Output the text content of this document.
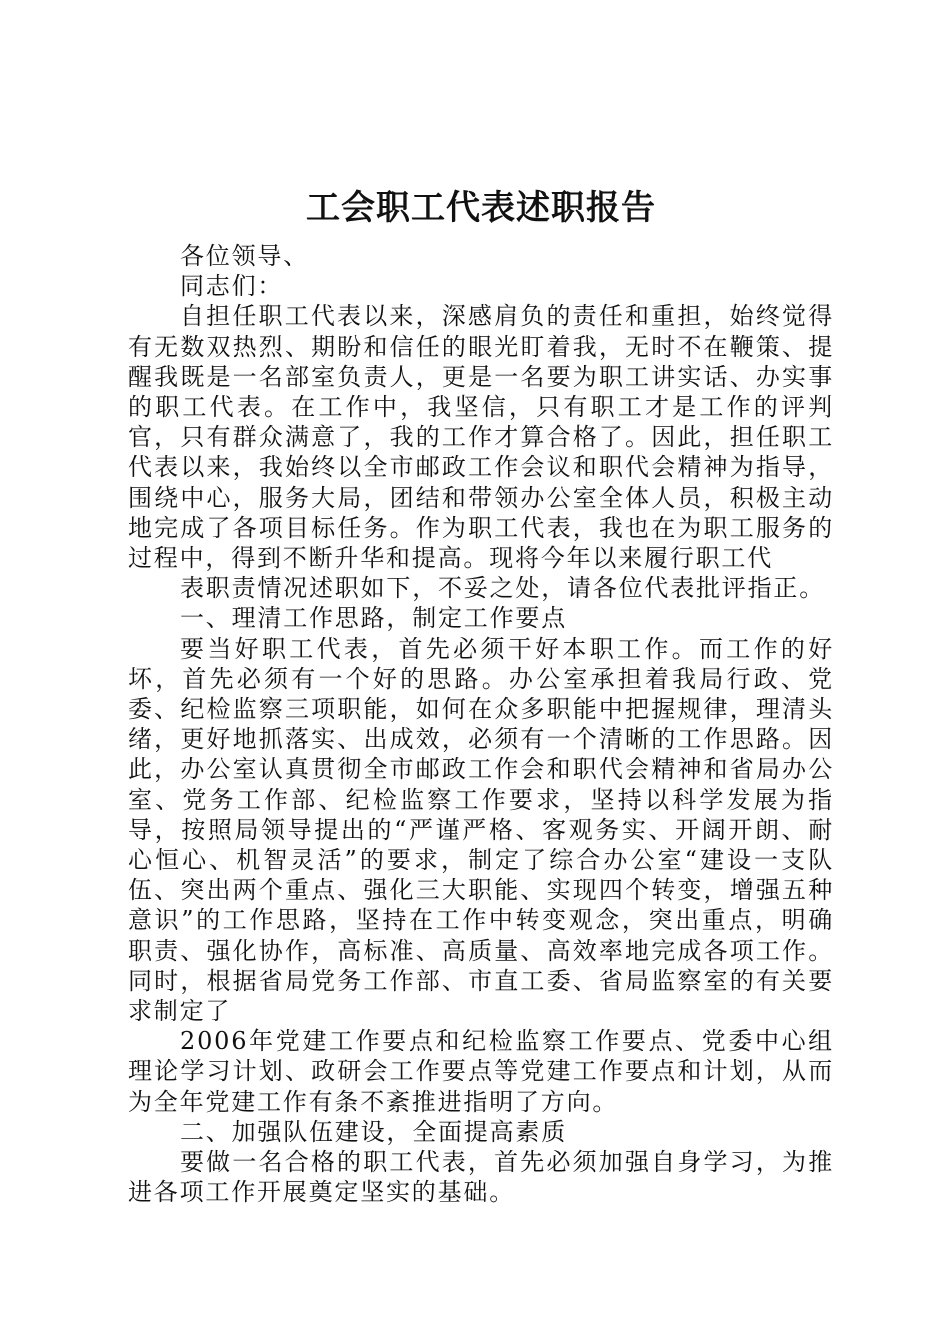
工会职工代表述职报告

各位领导、

同志们：

自担任职工代表以来，深感肩负的责任和重担，始终觉得有无数双热烈、期盼和信任的眼光盯着我，无时不在鞭策、提醒我既是一名部室负责人，更是一名要为职工讲实话、办实事的职工代表。在工作中，我坚信，只有职工才是工作的评判官，只有群众满意了，我的工作才算合格了。因此，担任职工代表以来，我始终以全市邮政工作会议和职代会精神为指导，围绕中心，服务大局，团结和带领办公室全体人员，积极主动地完成了各项目标任务。作为职工代表，我也在为职工服务的过程中，得到不断升华和提高。现将今年以来履行职工代

表职责情况述职如下，不妥之处，请各位代表批评指正。

一、理清工作思路，制定工作要点

要当好职工代表，首先必须干好本职工作。而工作的好坏，首先必须有一个好的思路。办公室承担着我局行政、党委、纪检监察三项职能，如何在众多职能中把握规律，理清头绪，更好地抓落实、出成效，必须有一个清晰的工作思路。因此，办公室认真贯彻全市邮政工作会和职代会精神和省局办公室、党务工作部、纪检监察工作要求，坚持以科学发展为指导，按照局领导提出的“严谨严格、客观务实、开阔开朗、耐心恒心、机智灵活”的要求，制定了综合办公室“建设一支队伍、突出两个重点、强化三大职能、实现四个转变，增强五种意识”的工作思路，坚持在工作中转变观念，突出重点，明确职责、强化协作，高标准、高质量、高效率地完成各项工作。同时，根据省局党务工作部、市直工委、省局监察室的有关要求制定了

2006年党建工作要点和纪检监察工作要点、党委中心组理论学习计划、政研会工作要点等党建工作要点和计划，从而为全年党建工作有条不紊推进指明了方向。

二、加强队伍建设，全面提高素质

要做一名合格的职工代表，首先必须加强自身学习，为推进各项工作开展奠定坚实的基础。
